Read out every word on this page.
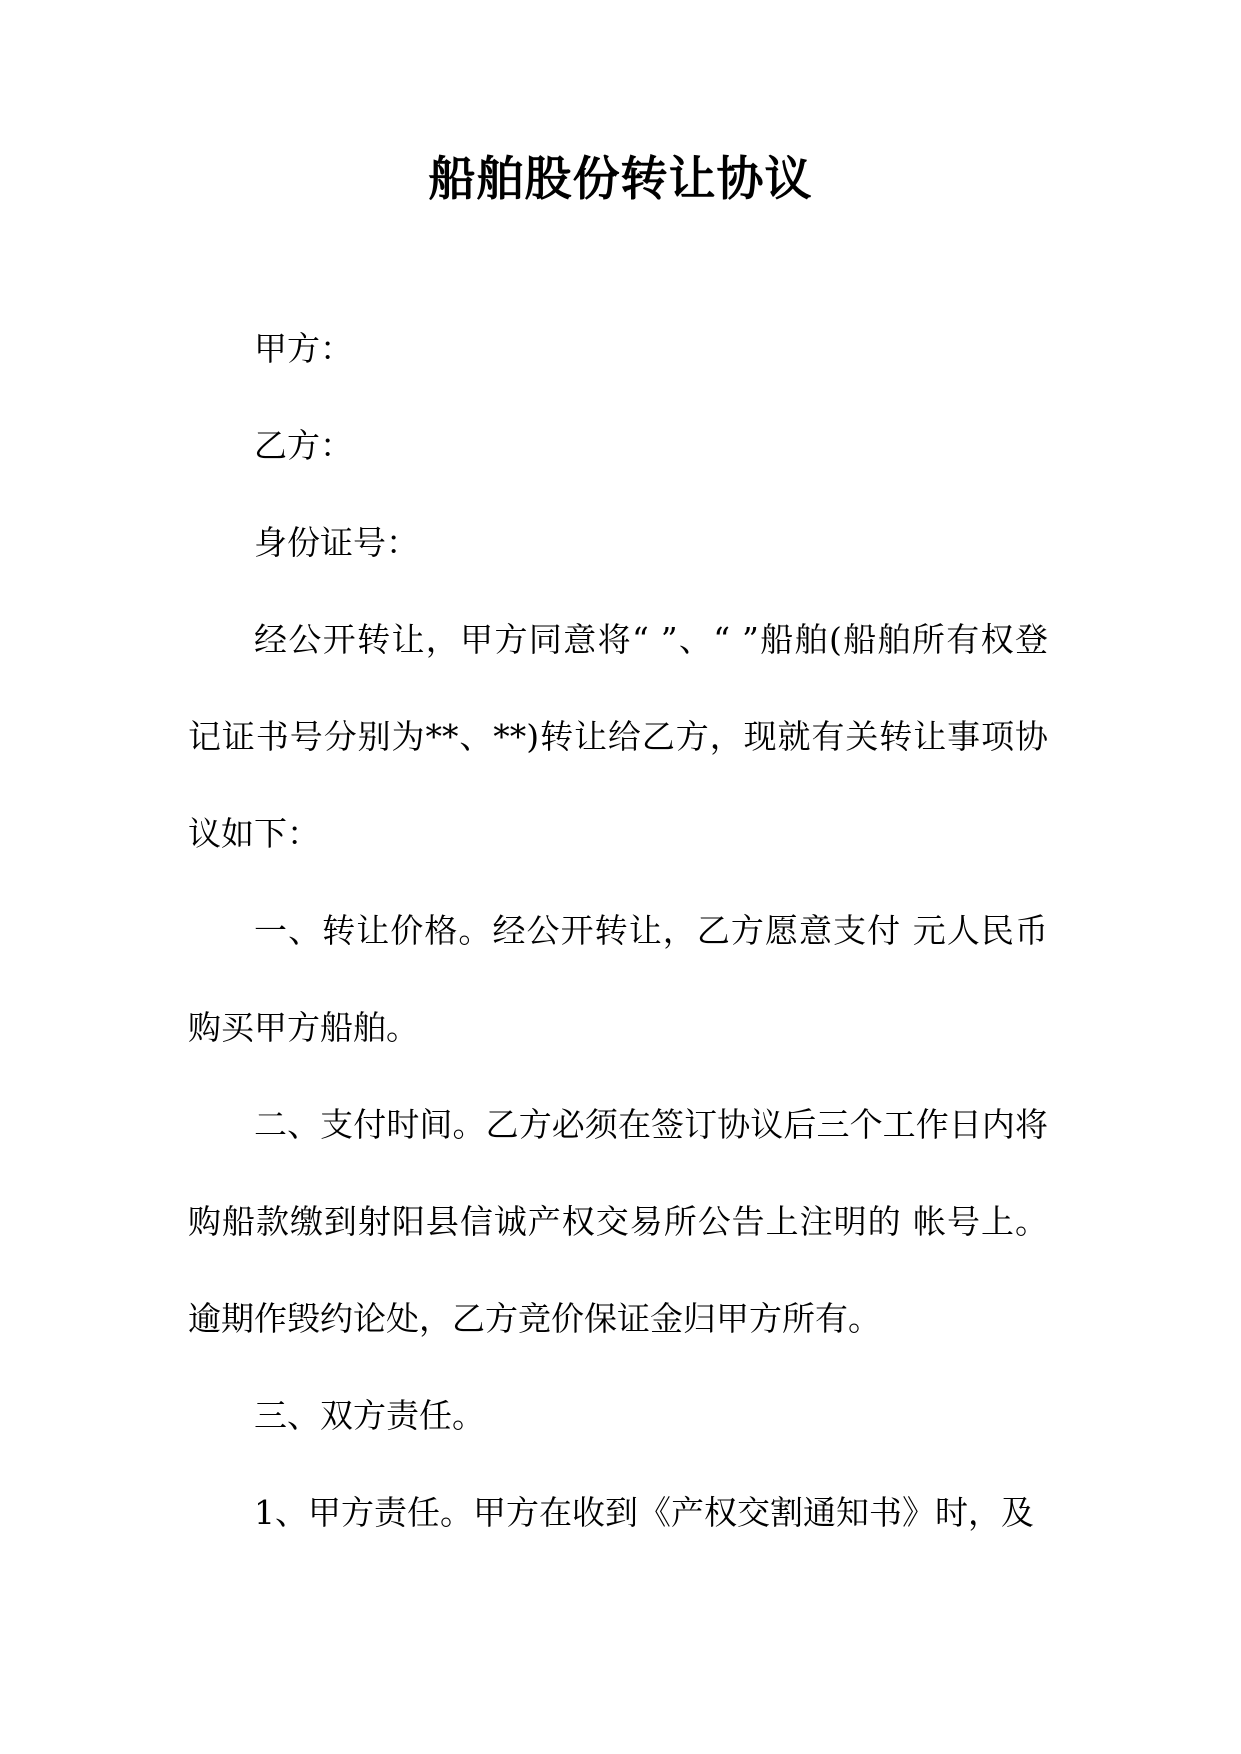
船舶股份转让协议

甲方：

乙方：

身份证号：

经公开转让，甲方同意将“ ”、“ ”船舶(船舶所有权登记证书号分别为**、**)转让给乙方，现就有关转让事项协议如下：

一、转让价格。经公开转让，乙方愿意支付 元人民币购买甲方船舶。

二、支付时间。乙方必须在签订协议后三个工作日内将购船款缴到射阳县信诚产权交易所公告上注明的 帐号上。逾期作毁约论处，乙方竞价保证金归甲方所有。

三、双方责任。

1、甲方责任。甲方在收到《产权交割通知书》时，及
